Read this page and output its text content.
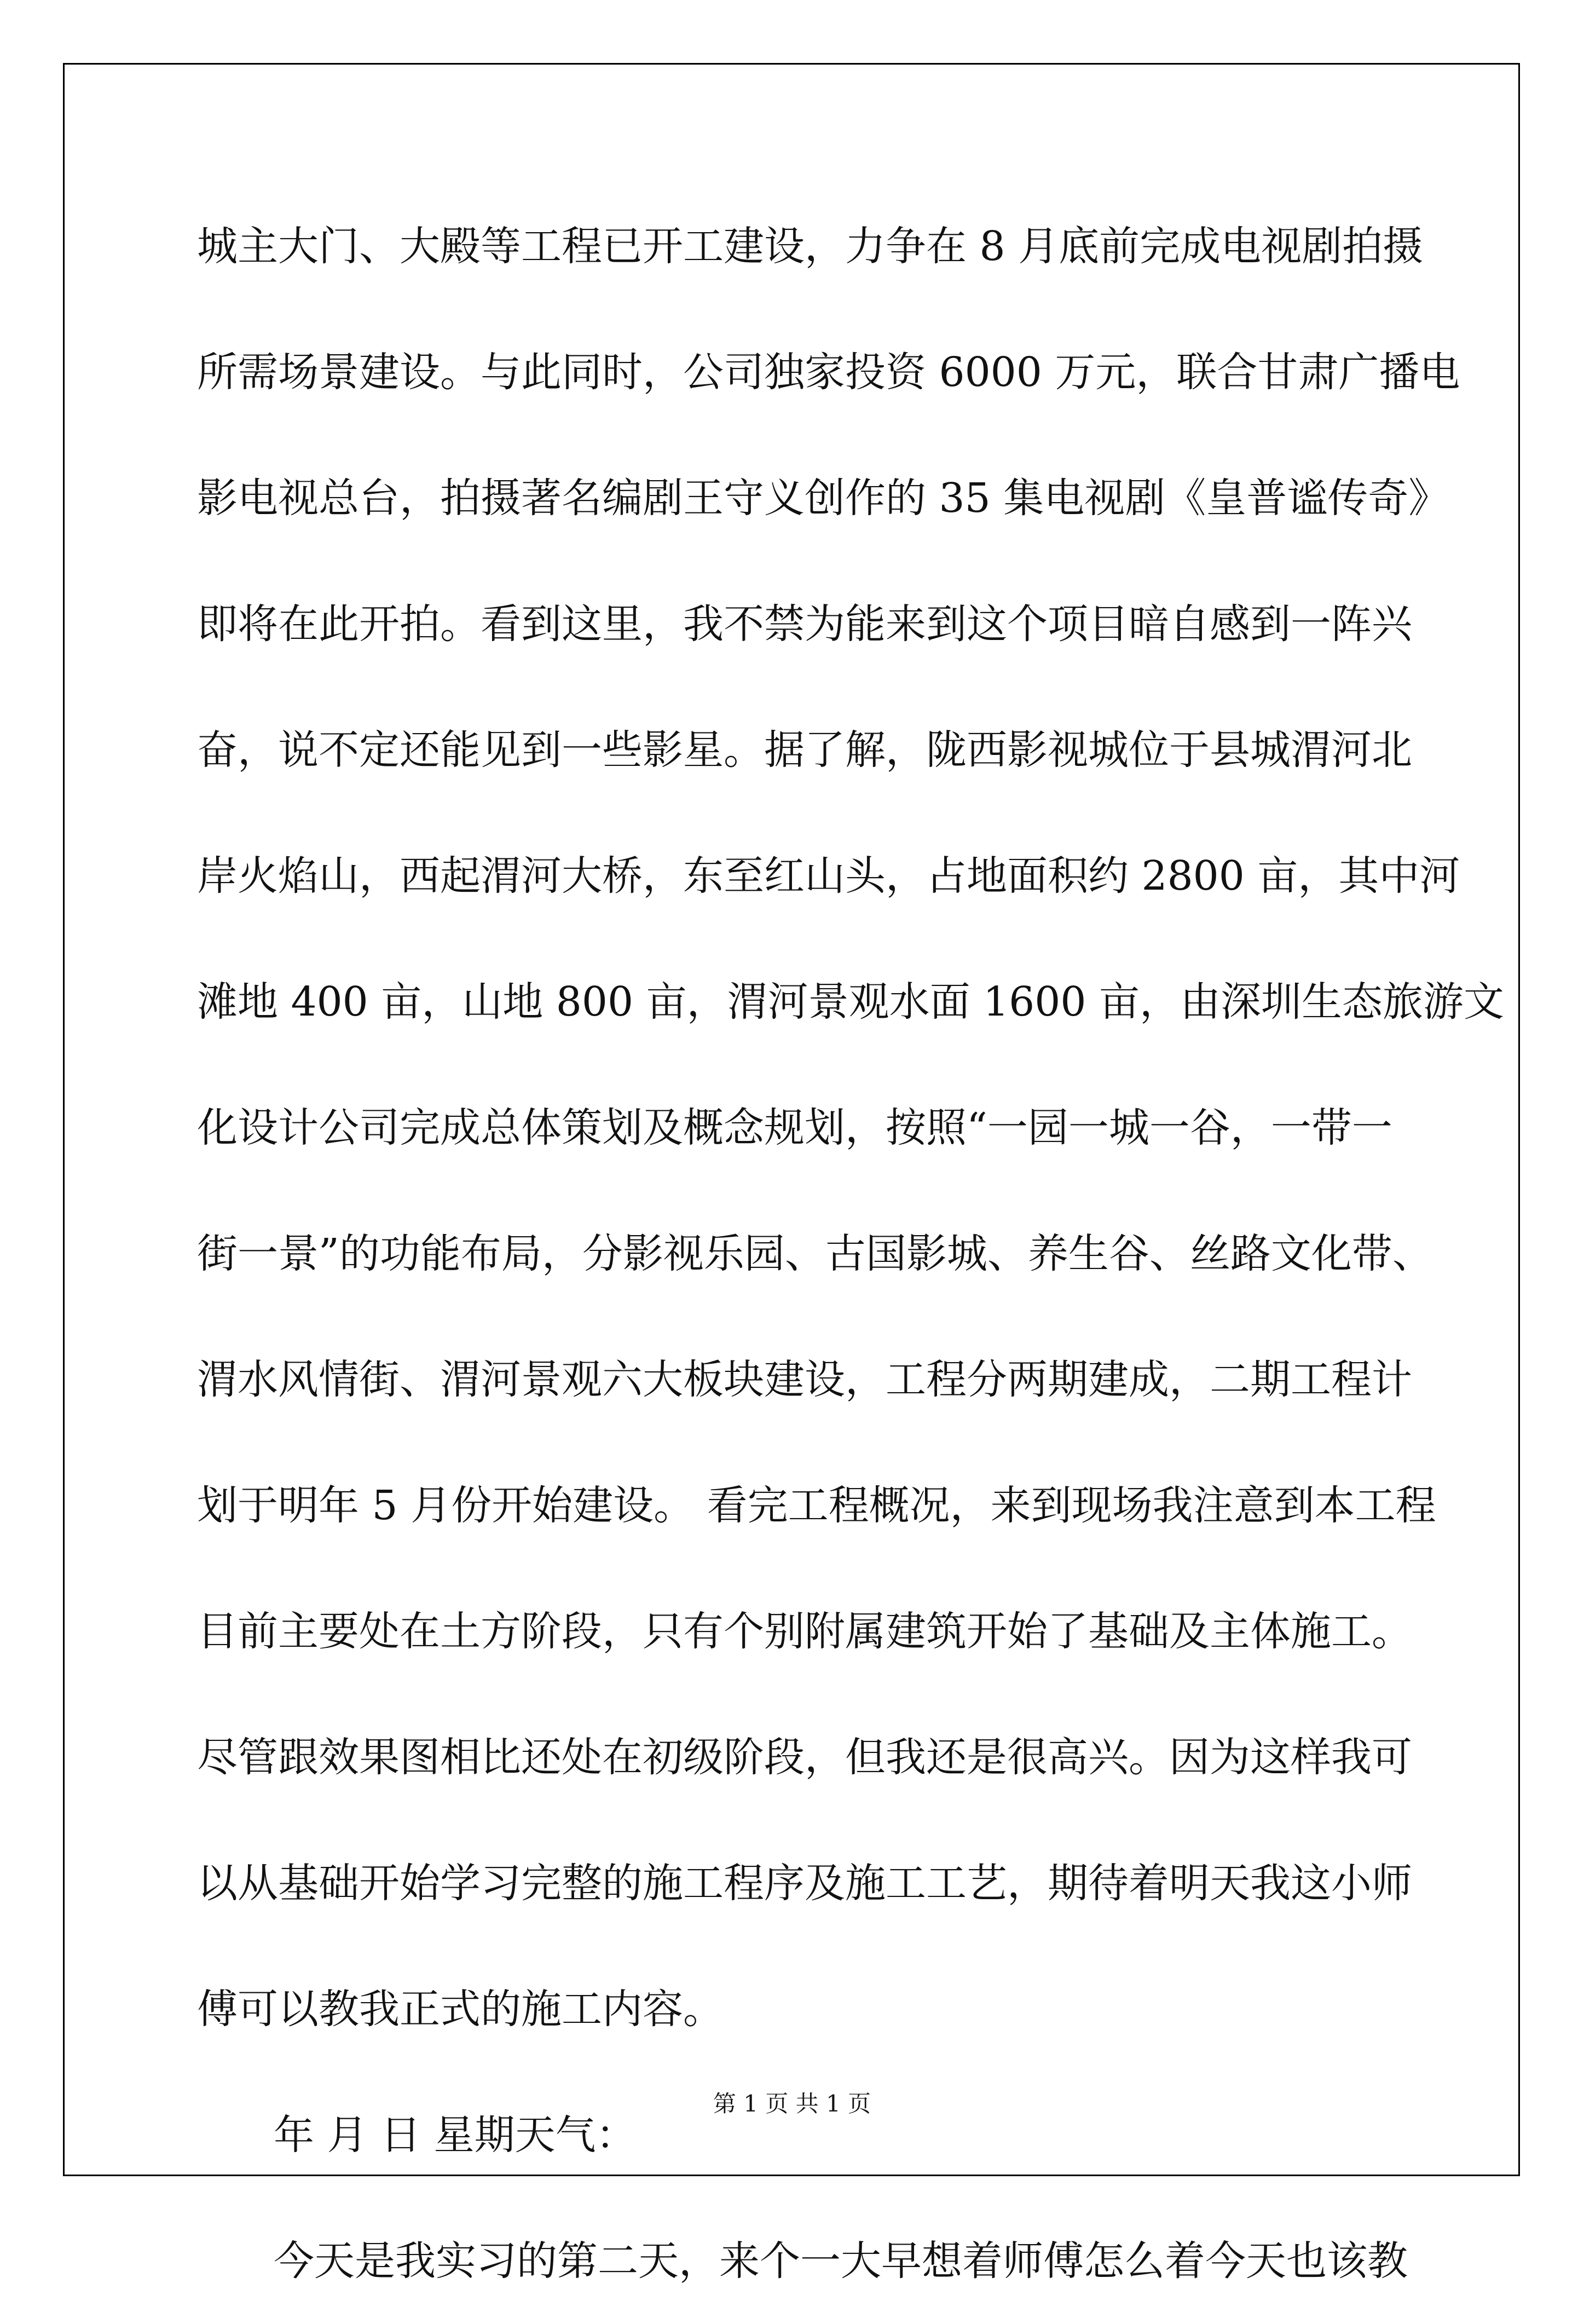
城主大门、大殿等工程已开工建设，力争在 8 月底前完成电视剧拍摄
所需场景建设。与此同时，公司独家投资 6000 万元，联合甘肃广播电
影电视总台，拍摄著名编剧王守义创作的 35 集电视剧《皇普谧传奇》
即将在此开拍。看到这里，我不禁为能来到这个项目暗自感到一阵兴
奋，说不定还能见到一些影星。据了解，陇西影视城位于县城渭河北
岸火焰山，西起渭河大桥，东至红山头，占地面积约 2800 亩，其中河
滩地 400 亩，山地 800 亩，渭河景观水面 1600 亩，由深圳生态旅游文
化设计公司完成总体策划及概念规划，按照“一园一城一谷，一带一
街一景”的功能布局，分影视乐园、古国影城、养生谷、丝路文化带、
渭水风情街、渭河景观六大板块建设，工程分两期建成，二期工程计
划于明年 5 月份开始建设。 看完工程概况，来到现场我注意到本工程
目前主要处在土方阶段，只有个别附属建筑开始了基础及主体施工。
尽管跟效果图相比还处在初级阶段，但我还是很高兴。因为这样我可
以从基础开始学习完整的施工程序及施工工艺，期待着明天我这小师
傅可以教我正式的施工内容。
年 月 日 星期天气：
今天是我实习的第二天，来个一大早想着师傅怎么着今天也该教
第 1 页 共 1 页
